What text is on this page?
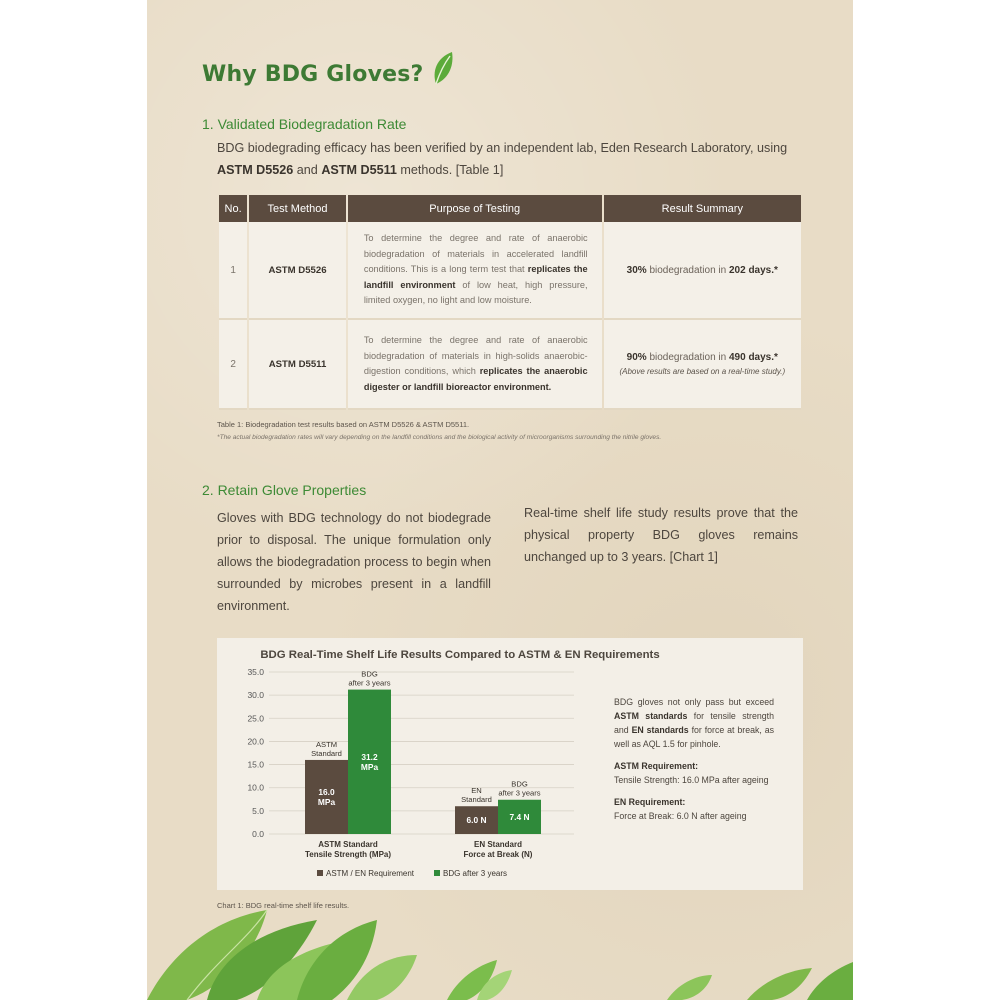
Why BDG Gloves?
1. Validated Biodegradation Rate
BDG biodegrading efficacy has been verified by an independent lab, Eden Research Laboratory, using
ASTM D5526 and ASTM D5511 methods. [Table 1]
No.	Test Method	Purpose of Testing	Result Summary
1	ASTM D5526	To determine the degree and rate of anaerobic biodegradation of materials in accelerated landfill conditions. This is a long term test that replicates the landfill environment of low heat, high pressure, limited oxygen, no light and low moisture.	30% biodegradation in 202 days.*

2	ASTM D5511	To determine the degree and rate of anaerobic biodegradation of materials in high-solids anaerobic-digestion conditions, which replicates the anaerobic digester or landfill bioreactor environment.	90% biodegradation in 490 days.*
(Above results are based on a real-time study.)
Table 1: Biodegradation test results based on ASTM D5526 & ASTM D5511.
*The actual biodegradation rates will vary depending on the landfill conditions and the biological activity of microorganisms surrounding the nitrile gloves.
2. Retain Glove Properties
Gloves with BDG technology do not biodegrade prior to disposal. The unique formulation only allows the biodegradation process to begin when surrounded by microbes present in a landfill environment.
Real-time shelf life study results prove that the physical property BDG gloves remains unchanged up to 3 years. [Chart 1]
BDG Real-Time Shelf Life Results Compared to ASTM & EN Requirements
0.0
5.0
10.0
15.0
20.0
25.0
30.0
35.0
16.0 MPa
ASTM Standard 31.2 MPa
BDG after 3 years
ASTM Standard Tensile Strength (MPa)
6.0 N
EN Standard
7.4 N
BDG after 3 years
EN Standard Force at Break (N)
ASTM / EN Requirement	BDG after 3 years

BDG gloves not only pass but exceed ASTM standards for tensile strength and EN standards for force at break, as well as AQL 1.5 for pinhole.

ASTM Requirement:
Tensile Strength: 16.0 MPa after ageing

EN Requirement:
Force at Break: 6.0 N after ageing

Chart 1: BDG real-time shelf life results.
